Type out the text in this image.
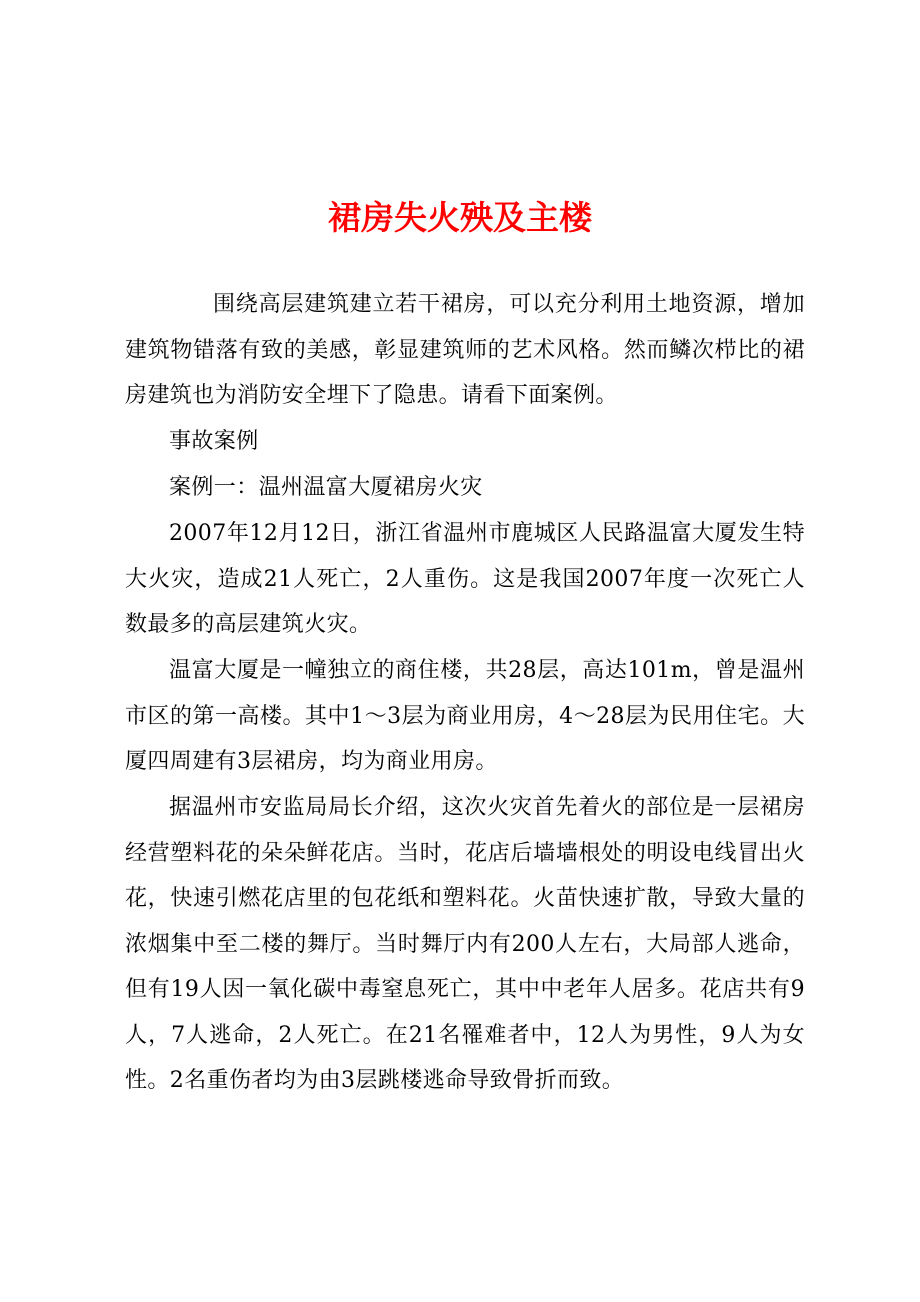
裙房失火殃及主楼

围绕高层建筑建立若干裙房，可以充分利用土地资源，增加建筑物错落有致的美感，彰显建筑师的艺术风格。然而鳞次栉比的裙房建筑也为消防安全埋下了隐患。请看下面案例。

事故案例

案例一：温州温富大厦裙房火灾

2007年12月12日，浙江省温州市鹿城区人民路温富大厦发生特大火灾，造成21人死亡，2人重伤。这是我国2007年度一次死亡人数最多的高层建筑火灾。

温富大厦是一幢独立的商住楼，共28层，高达101m，曾是温州市区的第一高楼。其中1～3层为商业用房，4～28层为民用住宅。大厦四周建有3层裙房，均为商业用房。

据温州市安监局局长介绍，这次火灾首先着火的部位是一层裙房经营塑料花的朵朵鲜花店。当时，花店后墙墙根处的明设电线冒出火花，快速引燃花店里的包花纸和塑料花。火苗快速扩散，导致大量的浓烟集中至二楼的舞厅。当时舞厅内有200人左右，大局部人逃命，但有19人因一氧化碳中毒窒息死亡，其中中老年人居多。花店共有9人，7人逃命，2人死亡。在21名罹难者中，12人为男性，9人为女性。2名重伤者均为由3层跳楼逃命导致骨折而致。
